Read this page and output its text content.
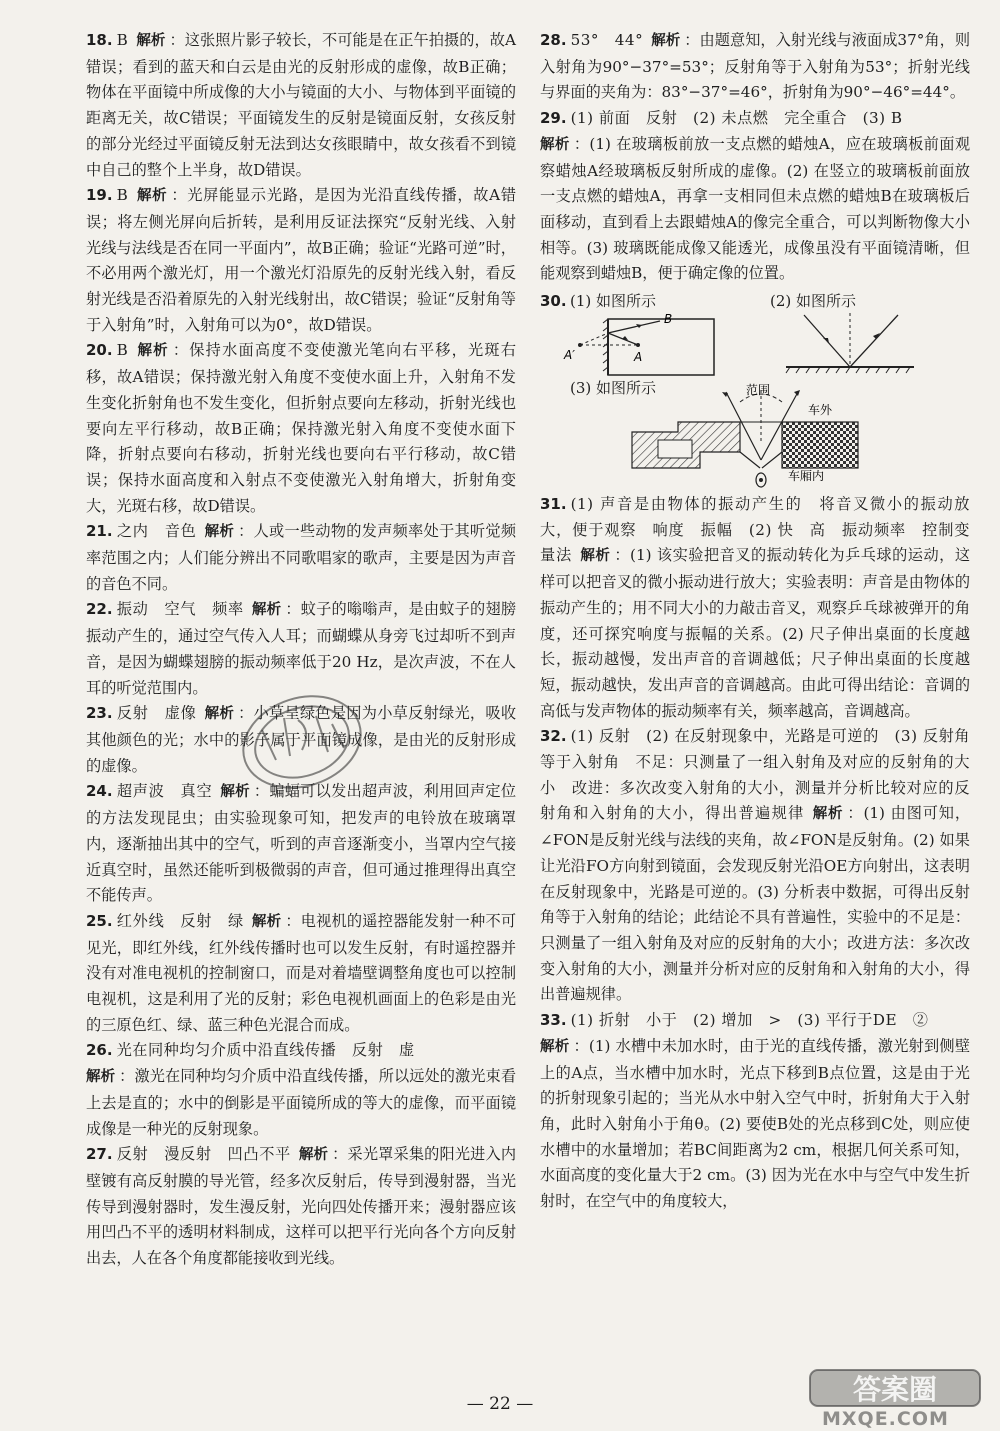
18. B 解析 ：这张照片影子较长，不可能是在正午拍摄的，故A错误；看到的蓝天和白云是由光的反射形成的虚像，故B正确；物体在平面镜中所成像的大小与镜面的大小、与物体到平面镜的距离无关，故C错误；平面镜发生的反射是镜面反射，女孩反射的部分光经过平面镜反射无法到达女孩眼睛中，故女孩看不到镜中自己的整个上半身，故D错误。
19. B 解析 ：光屏能显示光路，是因为光沿直线传播，故A错误；将左侧光屏向后折转，是利用反证法探究“反射光线、入射光线与法线是否在同一平面内”，故B正确；验证“光路可逆”时，不必用两个激光灯，用一个激光灯沿原先的反射光线入射，看反射光线是否沿着原先的入射光线射出，故C错误；验证“反射角等于入射角”时，入射角可以为0°，故D错误。
20. B 解析 ：保持水面高度不变使激光笔向右平移，光斑右移，故A错误；保持激光射入角度不变使水面上升，入射角不发生变化折射角也不发生变化，但折射点要向左移动，折射光线也要向左平行移动，故B正确；保持激光射入角度不变使水面下降，折射点要向右移动，折射光线也要向右平行移动，故C错误；保持水面高度和入射点不变使激光入射角增大，折射角变大，光斑右移，故D错误。
21. 之内　音色 解析 ：人或一些动物的发声频率处于其听觉频率范围之内；人们能分辨出不同歌唱家的歌声，主要是因为声音的音色不同。
22. 振动　空气　频率 解析 ：蚊子的嗡嗡声，是由蚊子的翅膀振动产生的，通过空气传入人耳；而蝴蝶从身旁飞过却听不到声音，是因为蝴蝶翅膀的振动频率低于20 Hz，是次声波，不在人耳的听觉范围内。
23. 反射　虚像 解析 ：小草呈绿色是因为小草反射绿光，吸收其他颜色的光；水中的影子属于平面镜成像，是由光的反射形成的虚像。
24. 超声波　真空 解析 ：蝙蝠可以发出超声波，利用回声定位的方法发现昆虫；由实验现象可知，把发声的电铃放在玻璃罩内，逐渐抽出其中的空气，听到的声音逐渐变小，当罩内空气接近真空时，虽然还能听到极微弱的声音，但可通过推理得出真空不能传声。
25. 红外线　反射　绿 解析 ：电视机的遥控器能发射一种不可见光，即红外线，红外线传播时也可以发生反射，有时遥控器并没有对准电视机的控制窗口，而是对着墙壁调整角度也可以控制电视机，这是利用了光的反射；彩色电视机画面上的色彩是由光的三原色红、绿、蓝三种色光混合而成。
26. 光在同种均匀介质中沿直线传播　反射　虚
解析 ：激光在同种均匀介质中沿直线传播，所以远处的激光束看上去是直的；水中的倒影是平面镜所成的等大的虚像，而平面镜成像是一种光的反射现象。
27. 反射　漫反射　凹凸不平 解析 ：采光罩采集的阳光进入内壁镀有高反射膜的导光管，经多次反射后，传导到漫射器，当光传导到漫射器时，发生漫反射，光向四处传播开来；漫射器应该用凹凸不平的透明材料制成，这样可以把平行光向各个方向反射出去，人在各个角度都能接收到光线。
28. 53°　44° 解析 ：由题意知，入射光线与液面成37°角，则入射角为90°−37°=53°；反射角等于入射角为53°；折射光线与界面的夹角为：83°−37°=46°，折射角为90°−46°=44°。
29. (1) 前面　反射　(2) 未点燃　完全重合　(3) B
解析 ：(1) 在玻璃板前放一支点燃的蜡烛A，应在玻璃板前面观察蜡烛A经玻璃板反射所成的虚像。(2) 在竖立的玻璃板前面放一支点燃的蜡烛A，再拿一支相同但未点燃的蜡烛B在玻璃板后面移动，直到看上去跟蜡烛A的像完全重合，可以判断物像大小相等。(3) 玻璃既能成像又能透光，成像虽没有平面镜清晰，但能观察到蜡烛B，便于确定像的位置。
30. (1) 如图所示	(2) 如图所示
A′	A
B
(3) 如图所示	范围
车外
车厢内
31. (1) 声音是由物体的振动产生的　将音叉微小的振动放大，便于观察　响度　振幅　(2) 快　高　振动频率　控制变量法 解析 ：(1) 该实验把音叉的振动转化为乒乓球的运动，这样可以把音叉的微小振动进行放大；实验表明：声音是由物体的振动产生的；用不同大小的力敲击音叉，观察乒乓球被弹开的角度，还可探究响度与振幅的关系。(2) 尺子伸出桌面的长度越长，振动越慢，发出声音的音调越低；尺子伸出桌面的长度越短，振动越快，发出声音的音调越高。由此可得出结论：音调的高低与发声物体的振动频率有关，频率越高，音调越高。
32. (1) 反射　(2) 在反射现象中，光路是可逆的　(3) 反射角等于入射角　不足：只测量了一组入射角及对应的反射角的大小　改进：多次改变入射角的大小，测量并分析比较对应的反射角和入射角的大小，得出普遍规律 解析 ：(1) 由图可知，∠FON是反射光线与法线的夹角，故∠FON是反射角。(2) 如果让光沿FO方向射到镜面，会发现反射光沿OE方向射出，这表明在反射现象中，光路是可逆的。(3) 分析表中数据，可得出反射角等于入射角的结论；此结论不具有普遍性，实验中的不足是：只测量了一组入射角及对应的反射角的大小；改进方法：多次改变入射角的大小，测量并分析对应的反射角和入射角的大小，得出普遍规律。
33. (1) 折射　小于　(2) 增加　>　(3) 平行于DE　②
解析 ：(1) 水槽中未加水时，由于光的直线传播，激光射到侧壁上的A点，当水槽中加水时，光点下移到B点位置，这是由于光的折射现象引起的；当光从水中射入空气中时，折射角大于入射角，此时入射角小于角θ。(2) 要使B处的光点移到C处，则应使水槽中的水量增加；若BC间距离为2 cm，根据几何关系可知，水面高度的变化量大于2 cm。(3) 因为光在水中与空气中发生折射时，在空气中的角度较大，
答案圈
MXQE.COM
— 22 —
